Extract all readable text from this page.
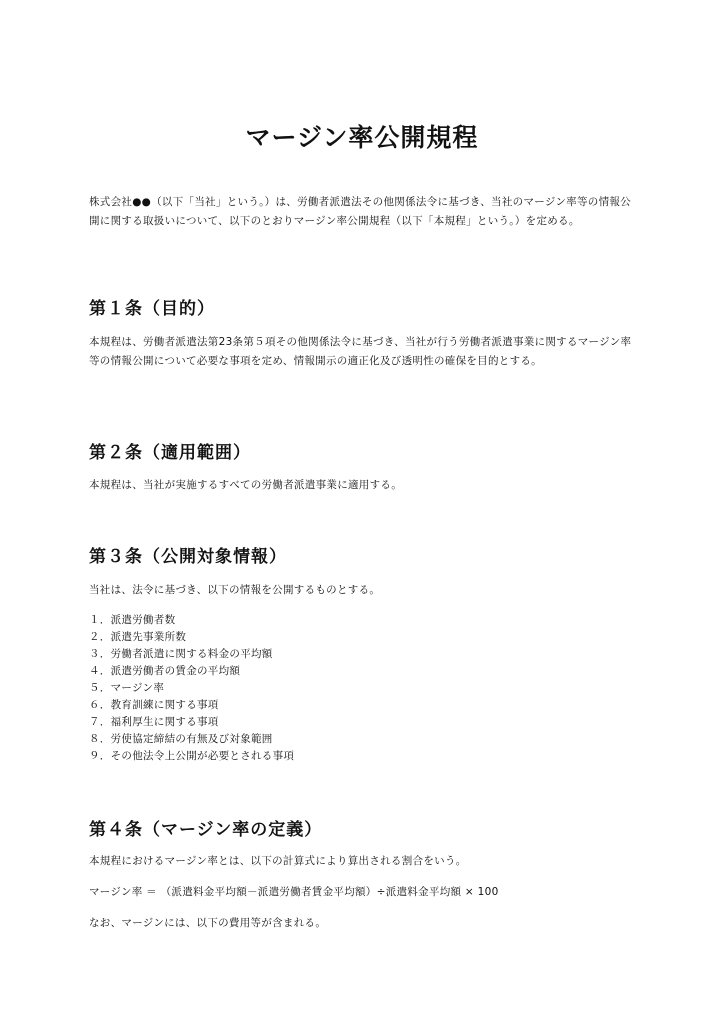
マージン率公開規程

株式会社●●（以下「当社」という。）は、労働者派遣法その他関係法令に基づき、当社のマージン率等の情報公開に関する取扱いについて、以下のとおりマージン率公開規程（以下「本規程」という。）を定める。

第１条（目的）

本規程は、労働者派遣法第23条第５項その他関係法令に基づき、当社が行う労働者派遣事業に関するマージン率等の情報公開について必要な事項を定め、情報開示の適正化及び透明性の確保を目的とする。

第２条（適用範囲）

本規程は、当社が実施するすべての労働者派遣事業に適用する。

第３条（公開対象情報）

当社は、法令に基づき、以下の情報を公開するものとする。

１．派遣労働者数
２．派遣先事業所数
３．労働者派遣に関する料金の平均額
４．派遣労働者の賃金の平均額
５．マージン率
６．教育訓練に関する事項
７．福利厚生に関する事項
８．労使協定締結の有無及び対象範囲
９．その他法令上公開が必要とされる事項
第４条（マージン率の定義）

本規程におけるマージン率とは、以下の計算式により算出される割合をいう。

マージン率 ＝ （派遣料金平均額－派遣労働者賃金平均額）÷派遣料金平均額 × 100

なお、マージンには、以下の費用等が含まれる。
